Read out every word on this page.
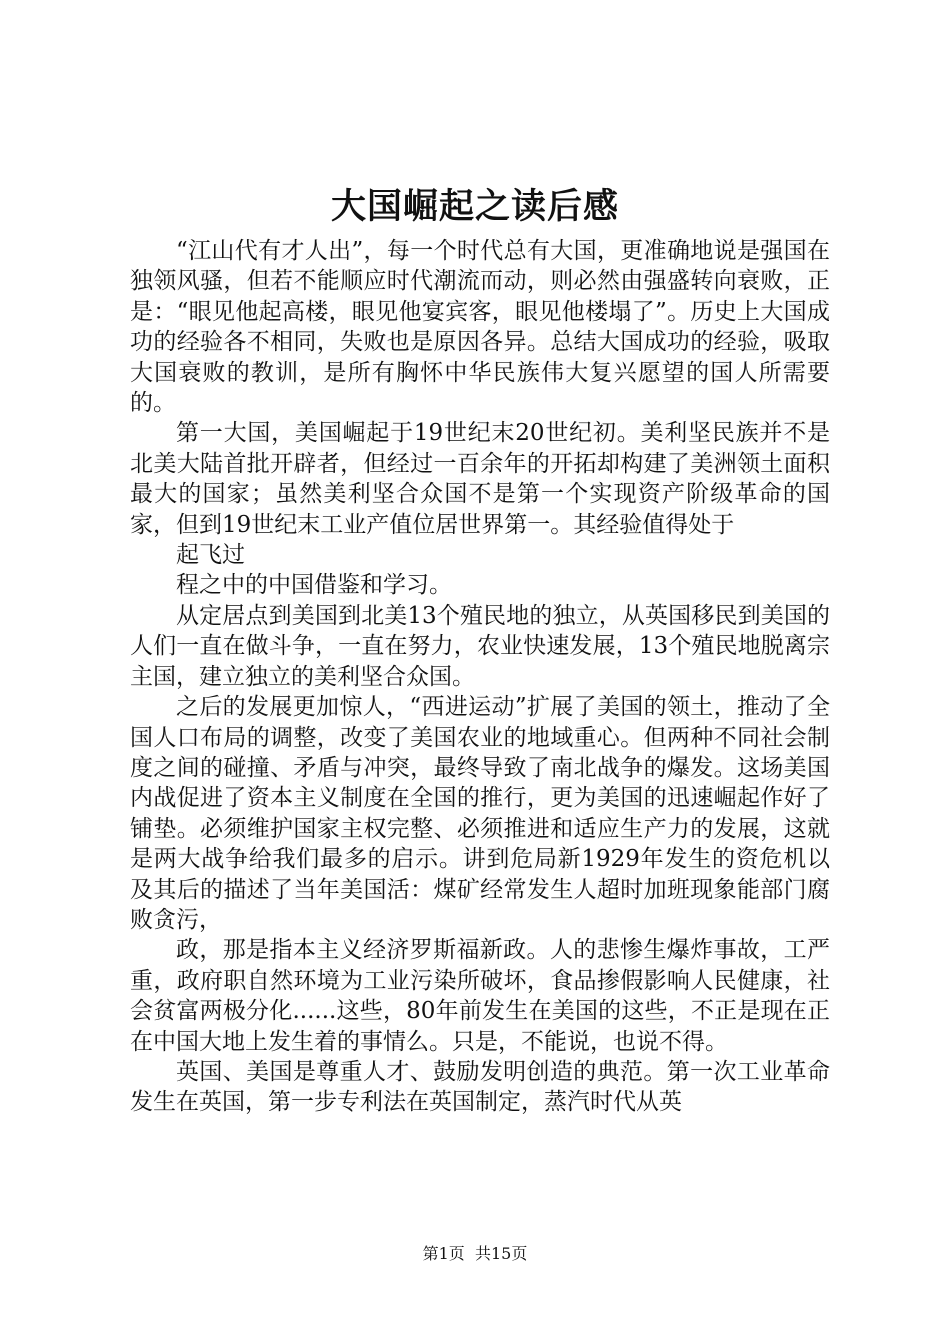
大国崛起之读后感

“江山代有才人出”，每一个时代总有大国，更准确地说是强国在独领风骚，但若不能顺应时代潮流而动，则必然由强盛转向衰败，正是：“眼见他起高楼，眼见他宴宾客，眼见他楼塌了”。历史上大国成功的经验各不相同，失败也是原因各异。总结大国成功的经验，吸取大国衰败的教训，是所有胸怀中华民族伟大复兴愿望的国人所需要的。

第一大国，美国崛起于19世纪末20世纪初。美利坚民族并不是北美大陆首批开辟者，但经过一百余年的开拓却构建了美洲领土面积最大的国家；虽然美利坚合众国不是第一个实现资产阶级革命的国家，但到19世纪末工业产值位居世界第一。其经验值得处于

起飞过

程之中的中国借鉴和学习。

从定居点到美国到北美13个殖民地的独立，从英国移民到美国的人们一直在做斗争，一直在努力，农业快速发展，13个殖民地脱离宗主国，建立独立的美利坚合众国。

之后的发展更加惊人，“西进运动”扩展了美国的领土，推动了全国人口布局的调整，改变了美国农业的地域重心。但两种不同社会制度之间的碰撞、矛盾与冲突，最终导致了南北战争的爆发。这场美国内战促进了资本主义制度在全国的推行，更为美国的迅速崛起作好了铺垫。必须维护国家主权完整、必须推进和适应生产力的发展，这就是两大战争给我们最多的启示。讲到危局新1929年发生的资危机以及其后的描述了当年美国活：煤矿经常发生人超时加班现象能部门腐败贪污，

政，那是指本主义经济罗斯福新政。人的悲惨生爆炸事故，工严重，政府职自然环境为工业污染所破坏，食品掺假影响人民健康，社会贫富两极分化......这些，80年前发生在美国的这些，不正是现在正在中国大地上发生着的事情么。只是，不能说，也说不得。

英国、美国是尊重人才、鼓励发明创造的典范。第一次工业革命发生在英国，第一步专利法在英国制定，蒸汽时代从英

第1页 共15页
